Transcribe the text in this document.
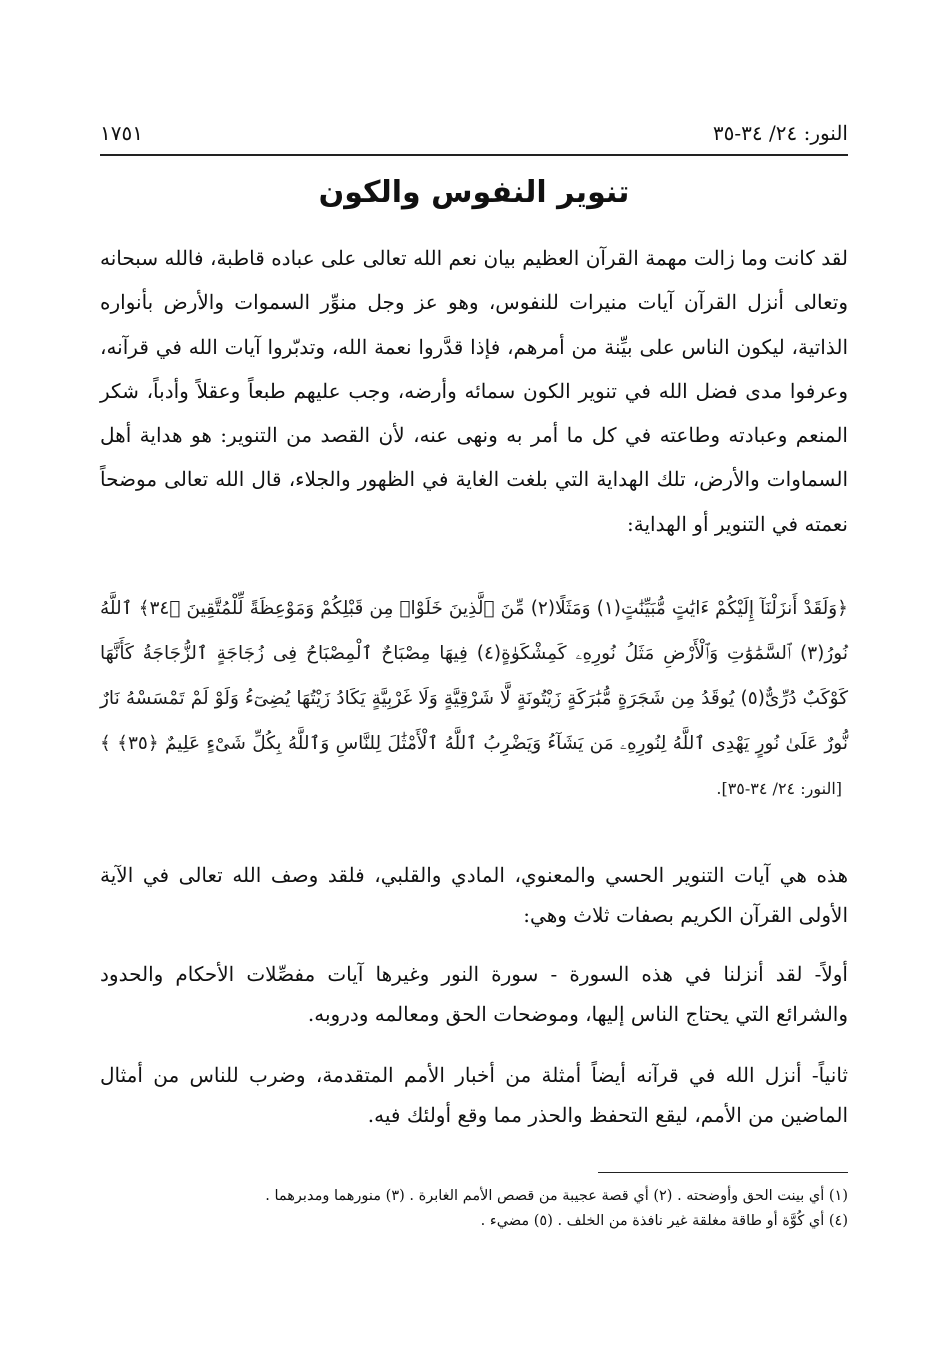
النور: ٢٤/ ٣٤-٣٥
١٧٥١
تنوير النفوس والكون

لقد كانت وما زالت مهمة القرآن العظيم بيان نعم الله تعالى على عباده قاطبة، فالله سبحانه وتعالى أنزل القرآن آيات منيرات للنفوس، وهو عز وجل منوِّر السموات والأرض بأنواره الذاتية، ليكون الناس على بيِّنة من أمرهم، فإذا قدَّروا نعمة الله، وتدبّروا آيات الله في قرآنه، وعرفوا مدى فضل الله في تنوير الكون سمائه وأرضه، وجب عليهم طبعاً وعقلاً وأدباً، شكر المنعم وعبادته وطاعته في كل ما أمر به ونهى عنه، لأن القصد من التنوير: هو هداية أهل السماوات والأرض، تلك الهداية التي بلغت الغاية في الظهور والجلاء، قال الله تعالى موضحاً نعمته في التنوير أو الهداية:

﴿وَلَقَدْ أَنزَلْنَآ إِلَيْكُمْ ءَايَٰتٍ مُّبَيِّنَٰتٍ(١) وَمَثَلًا(٢) مِّنَ ٱلَّذِينَ خَلَوْا۟ مِن قَبْلِكُمْ وَمَوْعِظَةً لِّلْمُتَّقِينَ ﴿٣٤﴾ ٱللَّهُ نُورُ(٣) ٱلسَّمَٰوَٰتِ وَٱلْأَرْضِ مَثَلُ نُورِهِۦ كَمِشْكَوٰةٍ(٤) فِيهَا مِصْبَاحٌ ٱلْمِصْبَاحُ فِى زُجَاجَةٍ ٱلزُّجَاجَةُ كَأَنَّهَا كَوْكَبٌ دُرِّىٌّ(٥) يُوقَدُ مِن شَجَرَةٍ مُّبَٰرَكَةٍ زَيْتُونَةٍ لَّا شَرْقِيَّةٍ وَلَا غَرْبِيَّةٍ يَكَادُ زَيْتُهَا يُضِىٓءُ وَلَوْ لَمْ تَمْسَسْهُ نَارٌ نُّورٌ عَلَىٰ نُورٍ يَهْدِى ٱللَّهُ لِنُورِهِۦ مَن يَشَآءُ وَيَضْرِبُ ٱللَّهُ ٱلْأَمْثَٰلَ لِلنَّاسِ وَٱللَّهُ بِكُلِّ شَىْءٍ عَلِيمٌ ﴿٣٥﴾ ﴾[النور: ٢٤/ ٣٤-٣٥].

هذه هي آيات التنوير الحسي والمعنوي، المادي والقلبي، فلقد وصف الله تعالى في الآية الأولى القرآن الكريم بصفات ثلاث وهي:

أولاً- لقد أنزلنا في هذه السورة - سورة النور وغيرها آيات مفصِّلات الأحكام والحدود والشرائع التي يحتاج الناس إليها، وموضحات الحق ومعالمه ودروبه.

ثانياً- أنزل الله في قرآنه أيضاً أمثلة من أخبار الأمم المتقدمة، وضرب للناس من أمثال الماضين من الأمم، ليقع التحفظ والحذر مما وقع أولئك فيه.

(١) أي بينت الحق وأوضحته . (٢) أي قصة عجيبة من قصص الأمم الغابرة . (٣) منورهما ومدبرهما .
(٤) أي كُوَّة أو طاقة مغلقة غير نافذة من الخلف . (٥) مضيء .
